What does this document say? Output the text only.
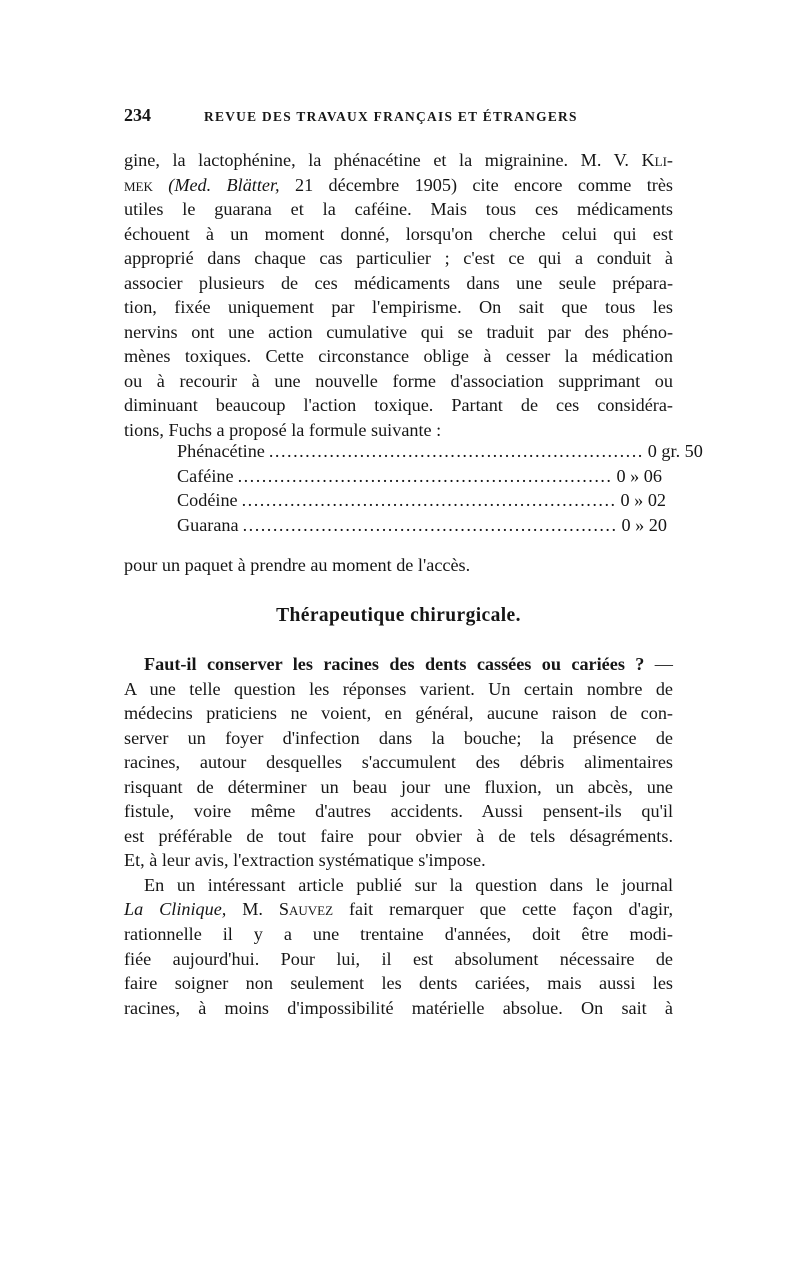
234	REVUE DES TRAVAUX FRANÇAIS ET ÉTRANGERS
gine, la lactophénine, la phénacétine et la migrainine. M. V. Kli-
mek (Med. Blätter, 21 décembre 1905) cite encore comme très
utiles le guarana et la caféine. Mais tous ces médicaments
échouent à un moment donné, lorsqu'on cherche celui qui est
approprié dans chaque cas particulier ; c'est ce qui a conduit à
associer plusieurs de ces médicaments dans une seule prépara-
tion, fixée uniquement par l'empirisme. On sait que tous les
nervins ont une action cumulative qui se traduit par des phéno-
mènes toxiques. Cette circonstance oblige à cesser la médication
ou à recourir à une nouvelle forme d'association supprimant ou
diminuant beaucoup l'action toxique. Partant de ces considéra-
tions, Fuchs a proposé la formule suivante :
Phénacétine .............................................................. 0 gr. 50
Caféine .............................................................. 0 » 06
Codéine .............................................................. 0 » 02
Guarana .............................................................. 0 » 20
pour un paquet à prendre au moment de l'accès.
Thérapeutique chirurgicale.
Faut-il conserver les racines des dents cassées ou cariées ? —
A une telle question les réponses varient. Un certain nombre de
médecins praticiens ne voient, en général, aucune raison de con-
server un foyer d'infection dans la bouche; la présence de
racines, autour desquelles s'accumulent des débris alimentaires
risquant de déterminer un beau jour une fluxion, un abcès, une
fistule, voire même d'autres accidents. Aussi pensent-ils qu'il
est préférable de tout faire pour obvier à de tels désagréments.
Et, à leur avis, l'extraction systématique s'impose.
En un intéressant article publié sur la question dans le journal
La Clinique, M. Sauvez fait remarquer que cette façon d'agir,
rationnelle il y a une trentaine d'années, doit être modi-
fiée aujourd'hui. Pour lui, il est absolument nécessaire de
faire soigner non seulement les dents cariées, mais aussi les
racines, à moins d'impossibilité matérielle absolue. On sait à
